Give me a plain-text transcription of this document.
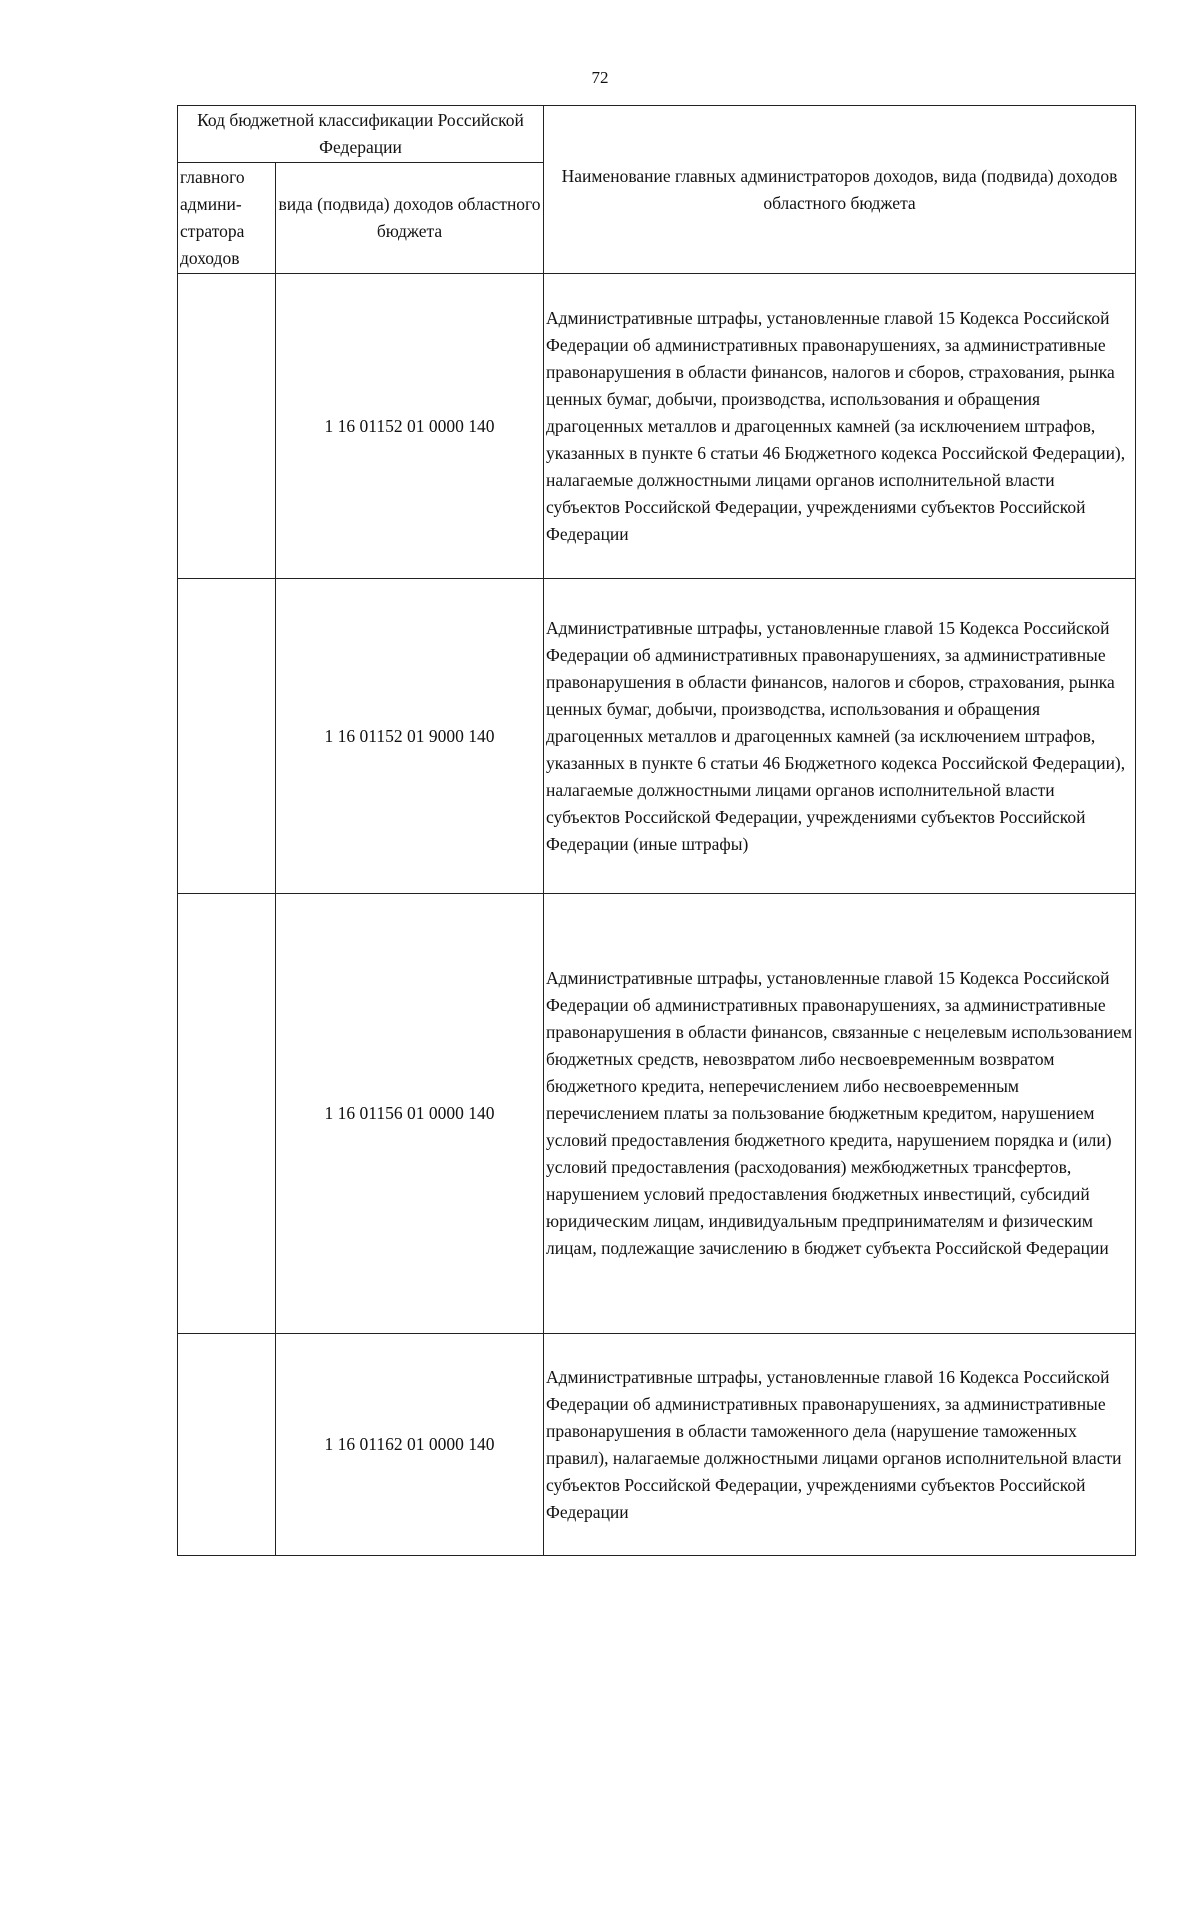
72
Код бюджетной классификации Российской Федерации		Наименование главных администраторов доходов, вида (подвида) доходов областного бюджета
главного админи-стратора доходов	вида (подвида) доходов областного бюджета	
	1 16 01152 01 0000 140	Административные штрафы, установленные главой 15 Кодекса Российской Федерации об административных правонарушениях, за административные правонарушения в области финансов, налогов и сборов, страхования, рынка ценных бумаг, добычи, производства, использования и обращения драгоценных металлов и драгоценных камней (за исключением штрафов, указанных в пункте 6 статьи 46 Бюджетного кодекса Российской Федерации), налагаемые должностными лицами органов исполнительной власти субъектов Российской Федерации, учреждениями субъектов Российской Федерации
	1 16 01152 01 9000 140	Административные штрафы, установленные главой 15 Кодекса Российской Федерации об административных правонарушениях, за административные правонарушения в области финансов, налогов и сборов, страхования, рынка ценных бумаг, добычи, производства, использования и обращения драгоценных металлов и драгоценных камней (за исключением штрафов, указанных в пункте 6 статьи 46 Бюджетного кодекса Российской Федерации), налагаемые должностными лицами органов исполнительной власти субъектов Российской Федерации, учреждениями субъектов Российской Федерации (иные штрафы)
	1 16 01156 01 0000 140	Административные штрафы, установленные главой 15 Кодекса Российской Федерации об административных правонарушениях, за административные правонарушения в области финансов, связанные с нецелевым использованием бюджетных средств, невозвратом либо несвоевременным возвратом бюджетного кредита, неперечислением либо несвоевременным перечислением платы за пользование бюджетным кредитом, нарушением условий предоставления бюджетного кредита, нарушением порядка и (или) условий предоставления (расходования) межбюджетных трансфертов, нарушением условий предоставления бюджетных инвестиций, субсидий юридическим лицам, индивидуальным предпринимателям и физическим лицам, подлежащие зачислению в бюджет субъекта Российской Федерации
	1 16 01162 01 0000 140	Административные штрафы, установленные главой 16 Кодекса Российской Федерации об административных правонарушениях, за административные правонарушения в области таможенного дела (нарушение таможенных правил), налагаемые должностными лицами органов исполнительной власти субъектов Российской Федерации, учреждениями субъектов Российской Федерации
